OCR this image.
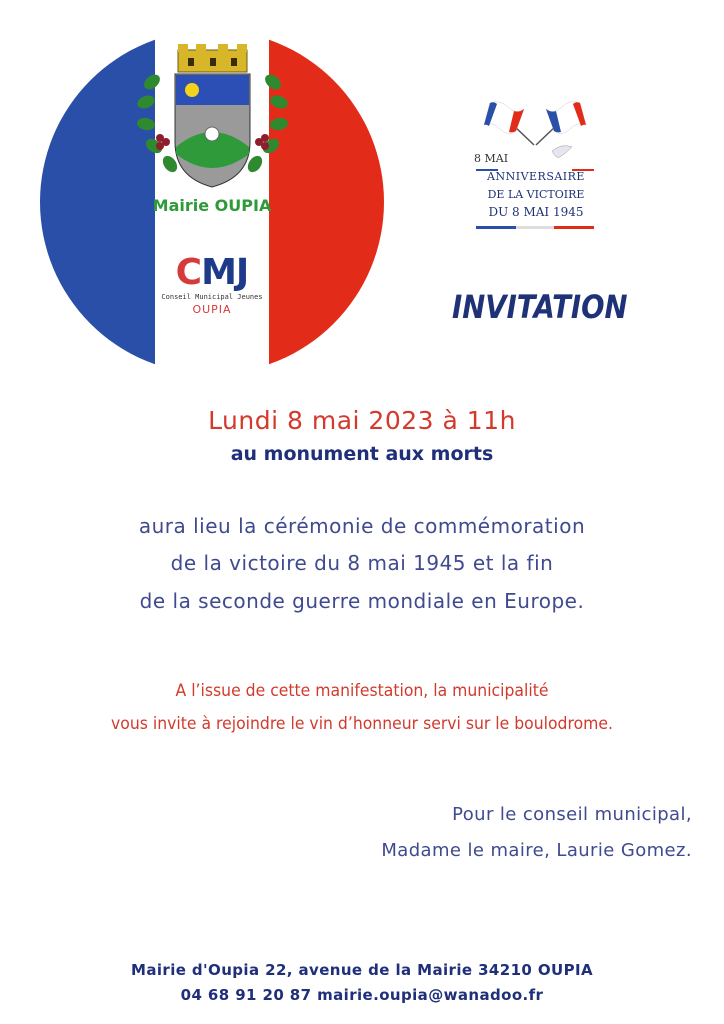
Mairie OUPIA
CMJ
Conseil Municipal Jeunes
OUPIA
8 MAI
ANNIVERSAIRE
DE LA VICTOIRE
DU 8 MAI 1945
INVITATION
Lundi 8 mai 2023 à 11h
au monument aux morts
aura lieu la cérémonie de commémoration
de la victoire du 8 mai 1945 et la fin
de la seconde guerre mondiale en Europe.
A l’issue de cette manifestation, la municipalité
vous invite à rejoindre le vin d’honneur servi sur le boulodrome.
Pour le conseil municipal,
Madame le maire, Laurie Gomez.
Mairie d'Oupia 22, avenue de la Mairie 34210 OUPIA
04 68 91 20 87 mairie.oupia@wanadoo.fr
